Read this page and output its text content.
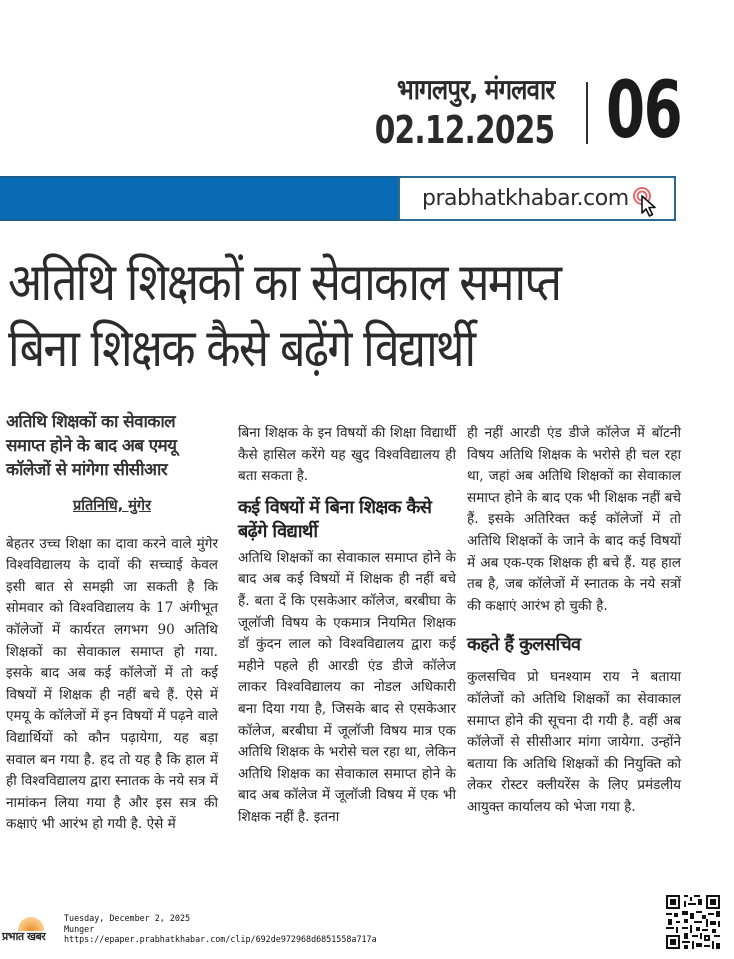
भागलपुर, मंगलवार
02.12.2025 06
prabhatkhabar.com
अतिथि शिक्षकों का सेवाकाल समाप्त
बिना शिक्षक कैसे बढ़ेंगे विद्यार्थी
अतिथि शिक्षकों का सेवाकाल समाप्त होने के बाद अब एमयू कॉलेजों से मांगेगा सीसीआर
प्रतिनिधि, मुंगेर

बेहतर उच्च शिक्षा का दावा करने वाले मुंगेर विश्वविद्यालय के दावों की सच्चाई केवल इसी बात से समझी जा सकती है कि सोमवार को विश्वविद्यालय के 17 अंगीभूत कॉलेजों में कार्यरत लगभग 90 अतिथि शिक्षकों का सेवाकाल समाप्त हो गया. इसके बाद अब कई कॉलेजों में तो कई विषयों में शिक्षक ही नहीं बचे हैं. ऐसे में एमयू के कॉलेजों में इन विषयों में पढ़ने वाले विद्यार्थियों को कौन पढ़ायेगा, यह बड़ा सवाल बन गया है. हद तो यह है कि हाल में ही विश्वविद्यालय द्वारा स्नातक के नये सत्र में नामांकन लिया गया है और इस सत्र की कक्षाएं भी आरंभ हो गयी है. ऐसे में

बिना शिक्षक के इन विषयों की शिक्षा विद्यार्थी कैसे हासिल करेंगे यह खुद विश्वविद्यालय ही बता सकता है.

कई विषयों में बिना शिक्षक कैसे बढ़ेंगे विद्यार्थी

अतिथि शिक्षकों का सेवाकाल समाप्त होने के बाद अब कई विषयों में शिक्षक ही नहीं बचे हैं. बता दें कि एसकेआर कॉलेज, बरबीघा के जूलॉजी विषय के एकमात्र नियमित शिक्षक डॉ कुंदन लाल को विश्वविद्यालय द्वारा कई महीने पहले ही आरडी एंड डीजे कॉलेज लाकर विश्वविद्यालय का नोडल अधिकारी बना दिया गया है, जिसके बाद से एसकेआर कॉलेज, बरबीघा में जूलॉजी विषय मात्र एक अतिथि शिक्षक के भरोसे चल रहा था, लेकिन अतिथि शिक्षक का सेवाकाल समाप्त होने के बाद अब कॉलेज में जूलॉजी विषय में एक भी शिक्षक नहीं है. इतना

ही नहीं आरडी एंड डीजे कॉलेज में बॉटनी विषय अतिथि शिक्षक के भरोसे ही चल रहा था, जहां अब अतिथि शिक्षकों का सेवाकाल समाप्त होने के बाद एक भी शिक्षक नहीं बचे हैं. इसके अतिरिक्त कई कॉलेजों में तो अतिथि शिक्षकों के जाने के बाद कई विषयों में अब एक-एक शिक्षक ही बचे हैं. यह हाल तब है, जब कॉलेजों में स्नातक के नये सत्रों की कक्षाएं आरंभ हो चुकी है.

कहते हैं कुलसचिव

कुलसचिव प्रो घनश्याम राय ने बताया कॉलेजों को अतिथि शिक्षकों का सेवाकाल समाप्त होने की सूचना दी गयी है. वहीं अब कॉलेजों से सीसीआर मांगा जायेगा. उन्होंने बताया कि अतिथि शिक्षकों की नियुक्ति को लेकर रोस्टर क्लीयरेंस के लिए प्रमंडलीय आयुक्त कार्यालय को भेजा गया है.

प्रभात खबर
Tuesday, December 2, 2025
Munger
https://epaper.prabhatkhabar.com/clip/692de972968d6851558a717a
